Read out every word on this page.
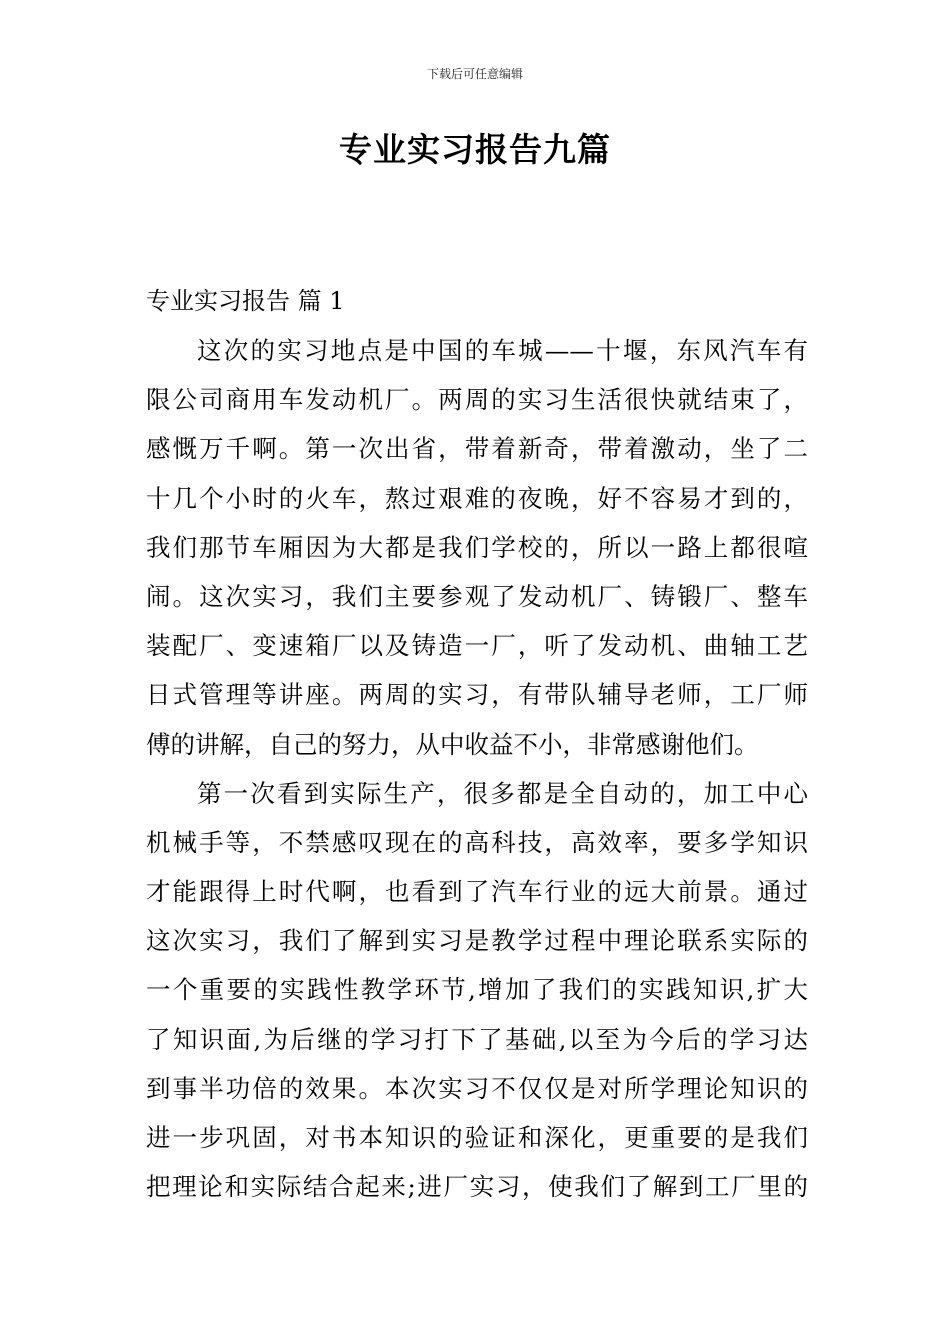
下载后可任意编辑
专业实习报告九篇
专业实习报告 篇 1
这次的实习地点是中国的车城——十堰，东风汽车有
限公司商用车发动机厂。两周的实习生活很快就结束了，
感慨万千啊。第一次出省，带着新奇，带着激动，坐了二
十几个小时的火车，熬过艰难的夜晚，好不容易才到的，
我们那节车厢因为大都是我们学校的，所以一路上都很喧
闹。这次实习，我们主要参观了发动机厂、铸锻厂、整车
装配厂、变速箱厂以及铸造一厂，听了发动机、曲轴工艺
日式管理等讲座。两周的实习，有带队辅导老师，工厂师
傅的讲解，自己的努力，从中收益不小，非常感谢他们。
第一次看到实际生产，很多都是全自动的，加工中心
机械手等，不禁感叹现在的高科技，高效率，要多学知识
才能跟得上时代啊，也看到了汽车行业的远大前景。通过
这次实习，我们了解到实习是教学过程中理论联系实际的
一个重要的实践性教学环节,增加了我们的实践知识,扩大
了知识面,为后继的学习打下了基础,以至为今后的学习达
到事半功倍的效果。本次实习不仅仅是对所学理论知识的
进一步巩固，对书本知识的验证和深化，更重要的是我们
把理论和实际结合起来;进厂实习，使我们了解到工厂里的
